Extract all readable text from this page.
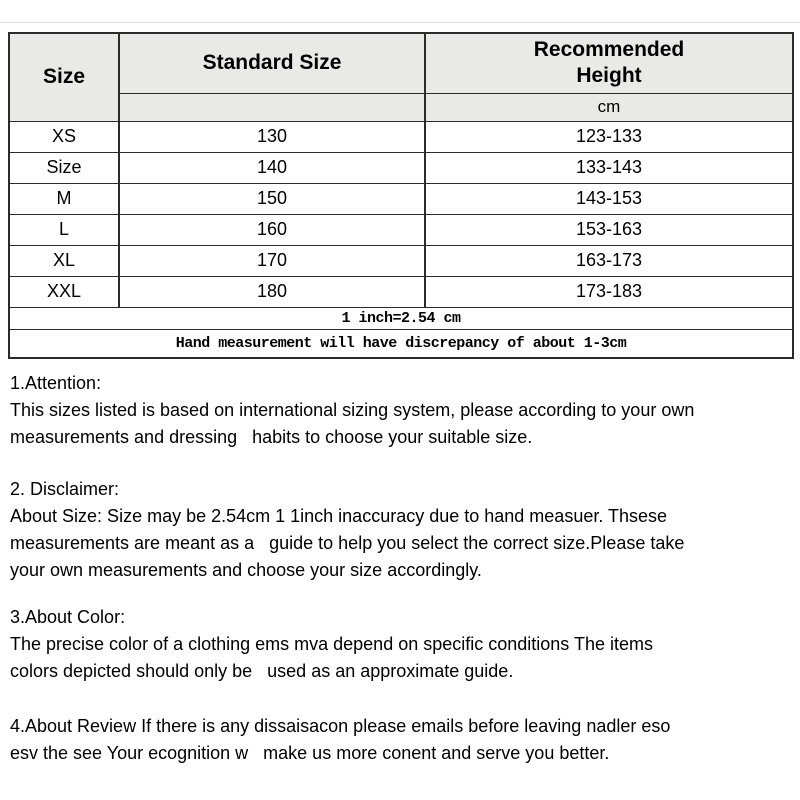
Size	Standard Size	Recommended Height

		cm
XS	130	123-133
Size	140	133-143
M	150	143-153
L	160	153-163
XL	170	163-173
XXL	180	173-183
1 inch=2.54 cm		
Hand measurement will have discrepancy of about 1-3cm		
1.Attention:
This sizes listed is based on international sizing system, please according to your own
measurements and dressing   habits to choose your suitable size.
2. Disclaimer:
About Size: Size may be 2.54cm 1 1inch inaccuracy due to hand measuer. Thsese
measurements are meant as a   guide to help you select the correct size.Please take
your own measurements and choose your size accordingly.
3.About Color:
The precise color of a clothing ems mva depend on specific conditions The items
colors depicted should only be   used as an approximate guide.
4.About Review If there is any dissaisacon please emails before leaving nadler eso
esv the see Your ecognition w   make us more conent and serve you better.
